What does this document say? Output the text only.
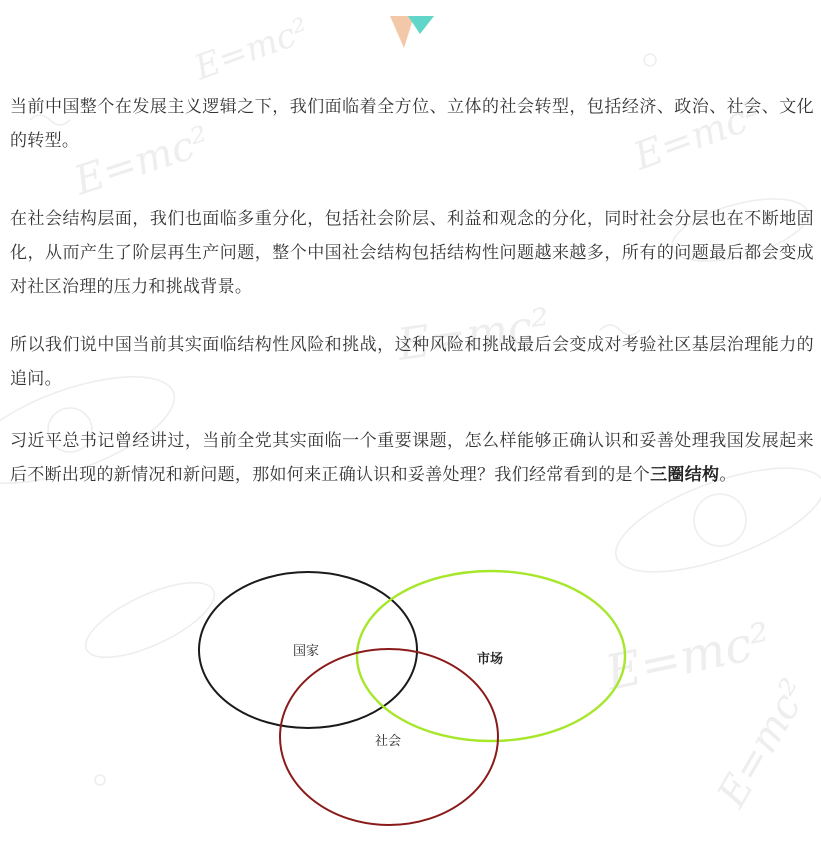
E=mc²
E=mc²
E=mc²
E=mc²
E=mc²
E=mc²

当前中国整个在发展主义逻辑之下，我们面临着全方位、立体的社会转型，包括经济、政治、社会、文化的转型。

在社会结构层面，我们也面临多重分化，包括社会阶层、利益和观念的分化，同时社会分层也在不断地固化，从而产生了阶层再生产问题，整个中国社会结构包括结构性问题越来越多，所有的问题最后都会变成对社区治理的压力和挑战背景。

所以我们说中国当前其实面临结构性风险和挑战，这种风险和挑战最后会变成对考验社区基层治理能力的追问。

习近平总书记曾经讲过，当前全党其实面临一个重要课题，怎么样能够正确认识和妥善处理我国发展起来后不断出现的新情况和新问题，那如何来正确认识和妥善处理？我们经常看到的是个三圈结构。

国家
市场
社会
